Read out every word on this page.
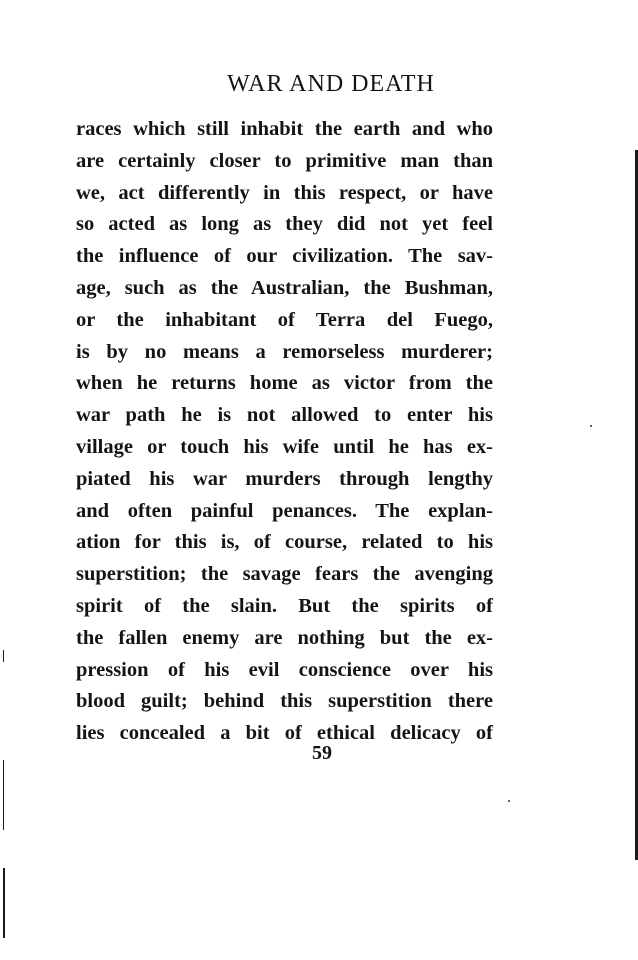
WAR AND DEATH
races which still inhabit the earth and who
are certainly closer to primitive man than
we, act differently in this respect, or have
so acted as long as they did not yet feel
the influence of our civilization. The sav-
age, such as the Australian, the Bushman,
or the inhabitant of Terra del Fuego,
is by no means a remorseless murderer;
when he returns home as victor from the
war path he is not allowed to enter his
village or touch his wife until he has ex-
piated his war murders through lengthy
and often painful penances. The explan-
ation for this is, of course, related to his
superstition; the savage fears the avenging
spirit of the slain. But the spirits of
the fallen enemy are nothing but the ex-
pression of his evil conscience over his
blood guilt; behind this superstition there
lies concealed a bit of ethical delicacy of
59
